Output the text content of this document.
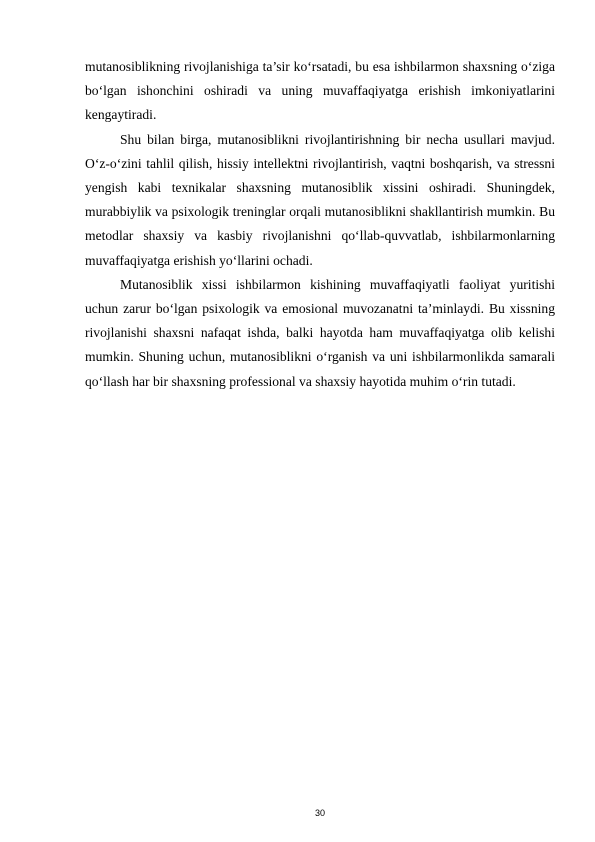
mutanosiblikning rivojlanishiga ta’sir ko‘rsatadi, bu esa ishbilarmon shaxsning o‘ziga bo‘lgan ishonchini oshiradi va uning muvaffaqiyatga erishish imkoniyatlarini kengaytiradi.

Shu bilan birga, mutanosiblikni rivojlantirishning bir necha usullari mavjud. O‘z-o‘zini tahlil qilish, hissiy intellektni rivojlantirish, vaqtni boshqarish, va stressni yengish kabi texnikalar shaxsning mutanosiblik xissini oshiradi. Shuningdek, murabbiylik va psixologik treninglar orqali mutanosiblikni shakllantirish mumkin. Bu metodlar shaxsiy va kasbiy rivojlanishni qo‘llab-quvvatlab, ishbilarmonlarning muvaffaqiyatga erishish yo‘llarini ochadi.

Mutanosiblik xissi ishbilarmon kishining muvaffaqiyatli faoliyat yuritishi uchun zarur bo‘lgan psixologik va emosional muvozanatni ta’minlaydi. Bu xissning rivojlanishi shaxsni nafaqat ishda, balki hayotda ham muvaffaqiyatga olib kelishi mumkin. Shuning uchun, mutanosiblikni o‘rganish va uni ishbilarmonlikda samarali qo‘llash har bir shaxsning professional va shaxsiy hayotida muhim o‘rin tutadi.

30
